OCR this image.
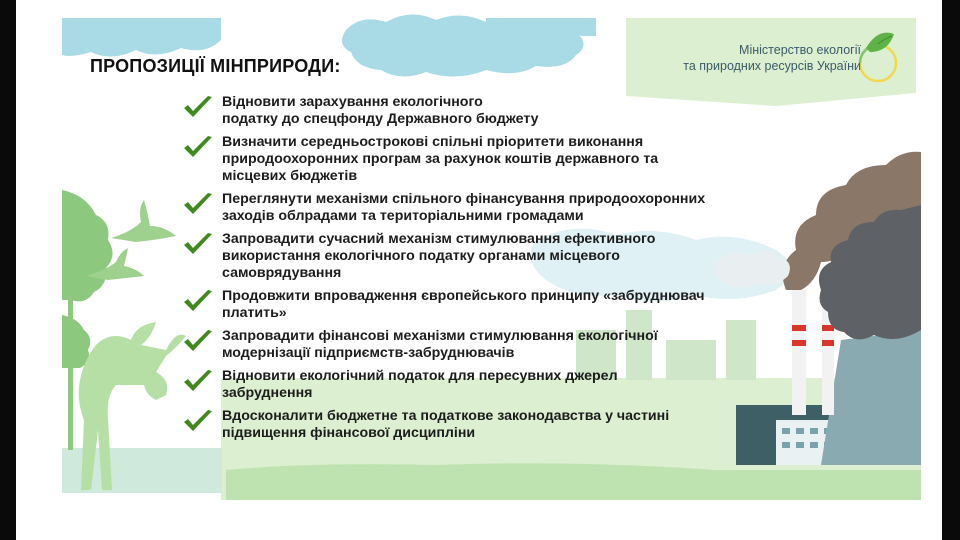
Міністерство екології
та природних ресурсів України
ПРОПОЗИЦІЇ МІНПРИРОДИ:
Відновити зарахування екологічного
податку до спецфонду Державного бюджету
Визначити середньострокові спільні пріоритети виконання
природоохоронних програм за рахунок коштів державного та
місцевих бюджетів
Переглянути механізми спільного фінансування природоохоронних
заходів облрадами та територіальними громадами
Запровадити сучасний механізм стимулювання ефективного
використання екологічного податку органами місцевого
самоврядування
Продовжити впровадження європейського принципу «забруднювач
платить»
Запровадити фінансові механізми стимулювання екологічної
модернізації підприємств-забруднювачів
Відновити екологічний податок для пересувних джерел
забруднення
Вдосконалити бюджетне та податкове законодавства у частині
підвищення фінансової дисципліни
